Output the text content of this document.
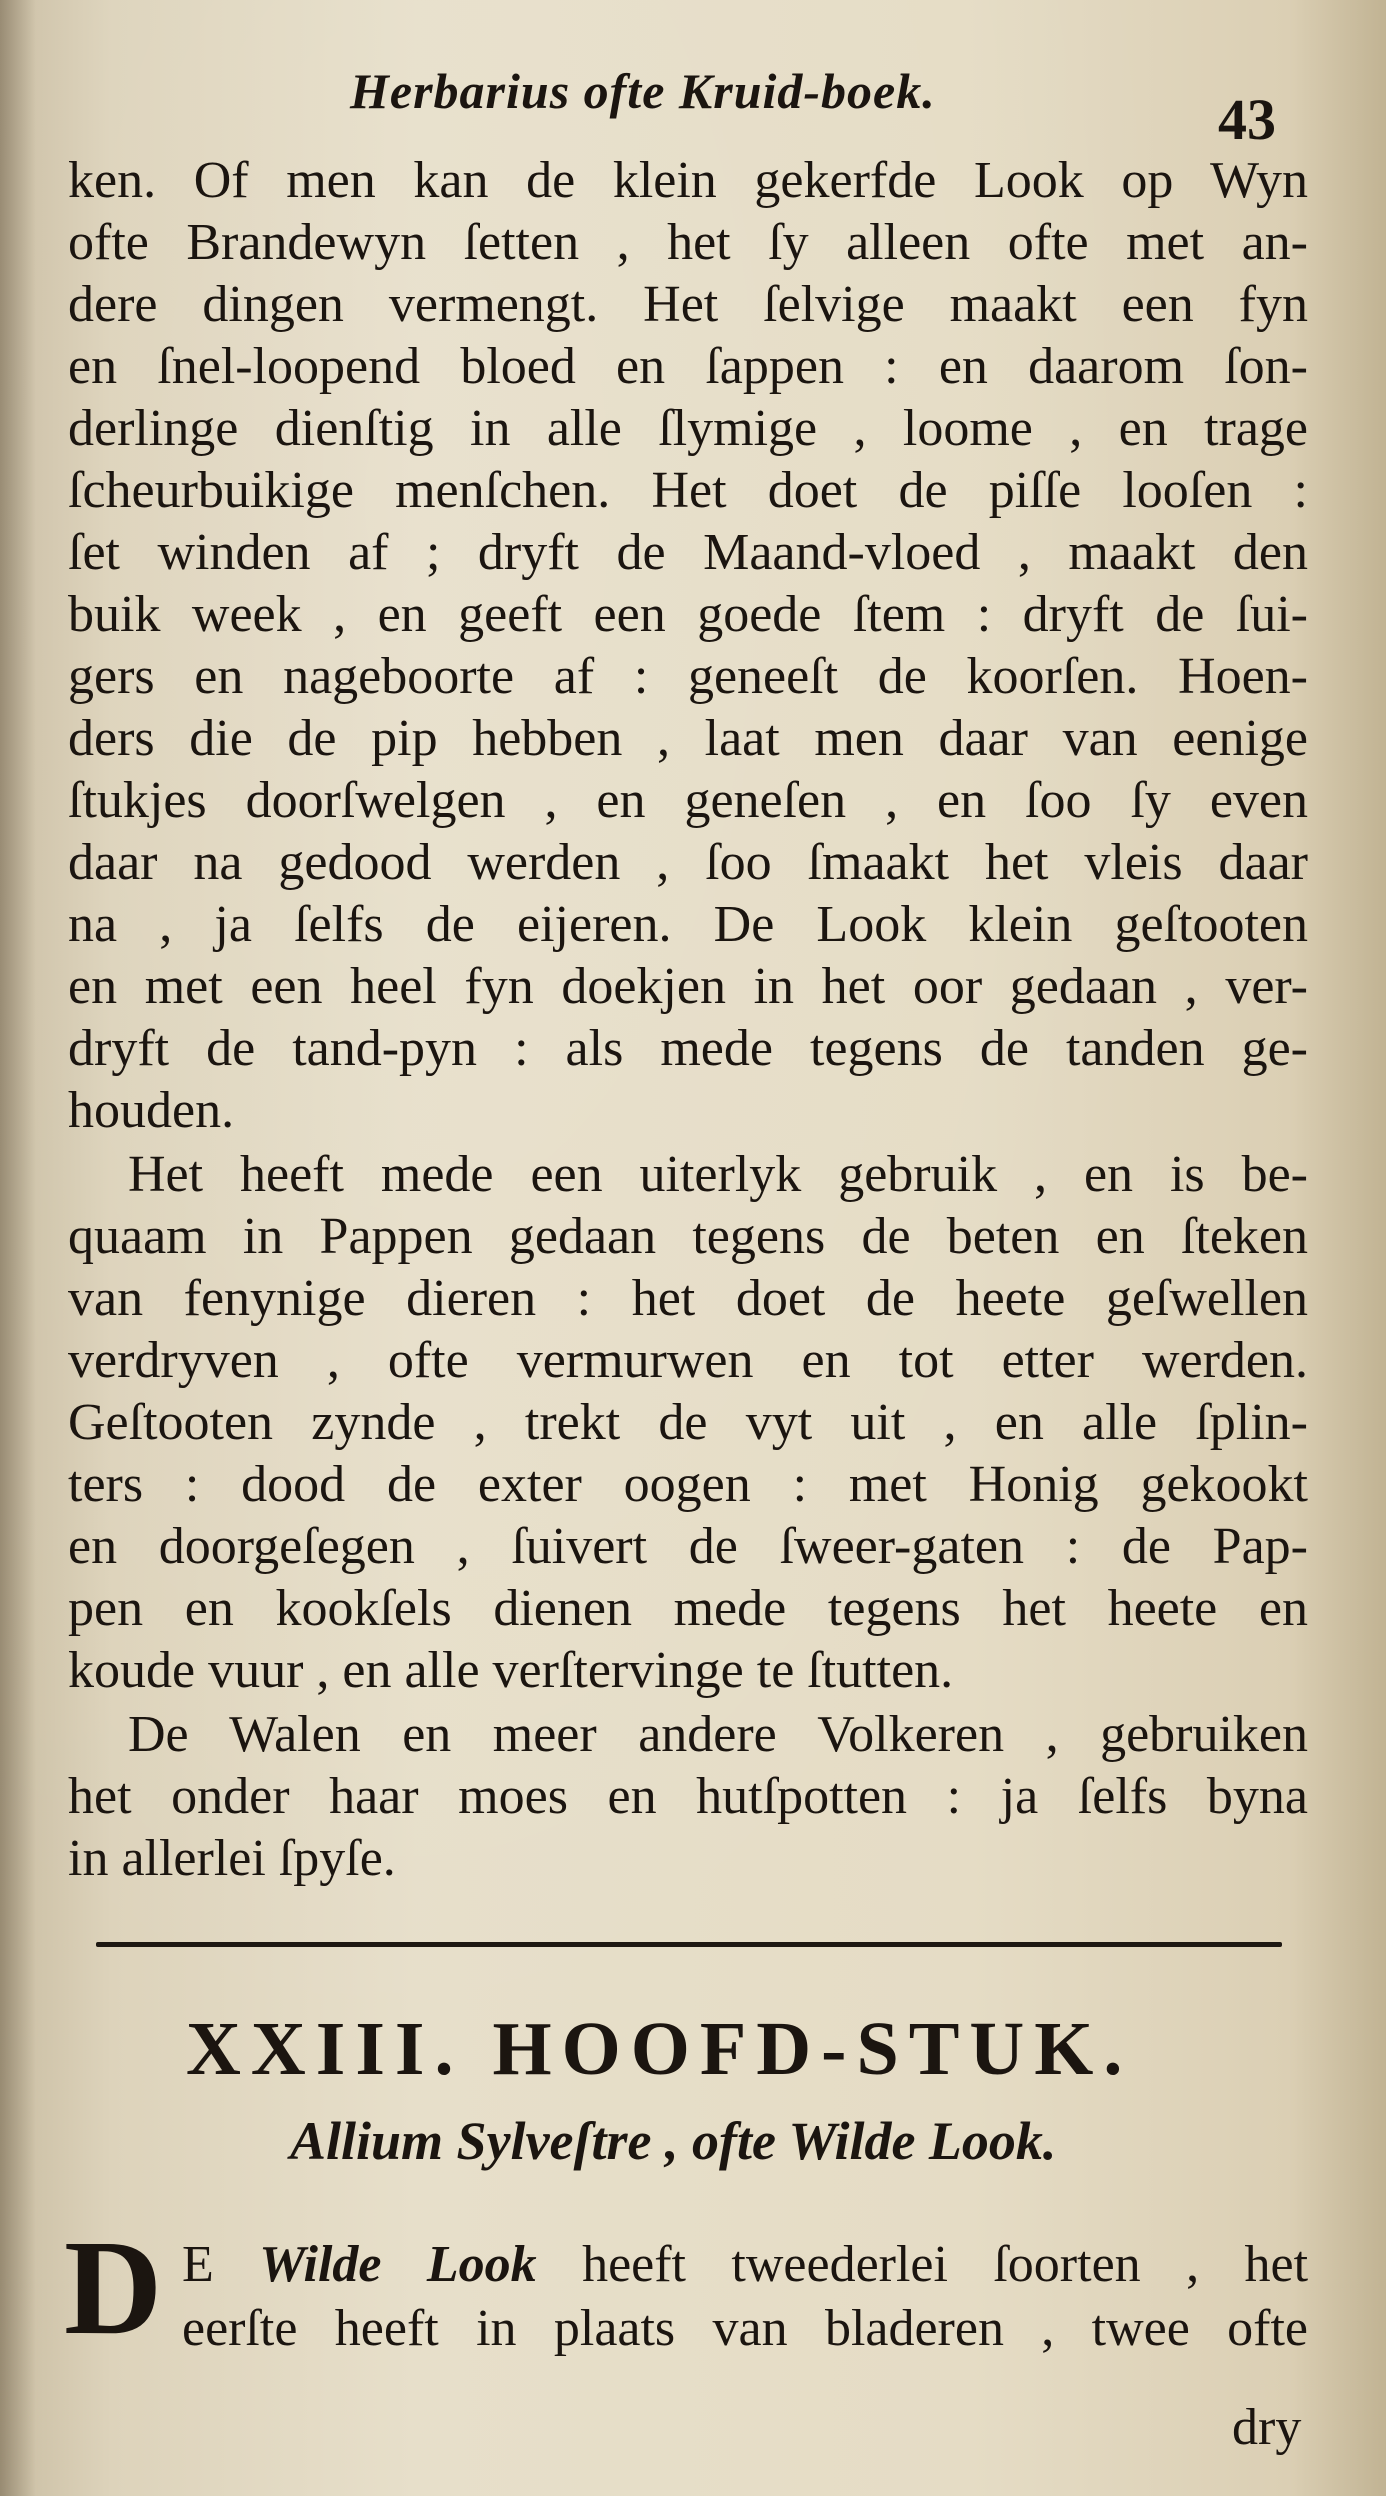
Herbarius ofte Kruid-boek.	43
ken. Of men kan de klein gekerfde Look op Wyn
ofte Brandewyn ſetten , het ſy alleen ofte met an-
dere dingen vermengt. Het ſelvige maakt een fyn
en ſnel-loopend bloed en ſappen : en daarom ſon-
derlinge dienſtig in alle ſlymige , loome , en trage
ſcheurbuikige menſchen. Het doet de piſſe looſen :
ſet winden af ; dryft de Maand-vloed , maakt den
buik week , en geeft een goede ſtem : dryft de ſui-
gers en nageboorte af : geneeſt de koorſen. Hoen-
ders die de pip hebben , laat men daar van eenige
ſtukjes doorſwelgen , en geneſen , en ſoo ſy even
daar na gedood werden , ſoo ſmaakt het vleis daar
na , ja ſelfs de eijeren. De Look klein geſtooten
en met een heel fyn doekjen in het oor gedaan , ver-
dryft de tand-pyn : als mede tegens de tanden ge-
houden.
Het heeft mede een uiterlyk gebruik , en is be-
quaam in Pappen gedaan tegens de beten en ſteken
van fenynige dieren : het doet de heete geſwellen
verdryven , ofte vermurwen en tot etter werden.
Geſtooten zynde , trekt de vyt uit , en alle ſplin-
ters : dood de exter oogen : met Honig gekookt
en doorgeſegen , ſuivert de ſweer-gaten : de Pap-
pen en kookſels dienen mede tegens het heete en
koude vuur , en alle verſtervinge te ſtutten.
De Walen en meer andere Volkeren , gebruiken
het onder haar moes en hutſpotten : ja ſelfs byna
in allerlei ſpyſe.
XXIII. HOOFD-STUK.
Allium Sylveſtre , ofte Wilde Look.
D E Wilde Look heeft tweederlei ſoorten , het
eerſte heeft in plaats van bladeren , twee ofte
dry
